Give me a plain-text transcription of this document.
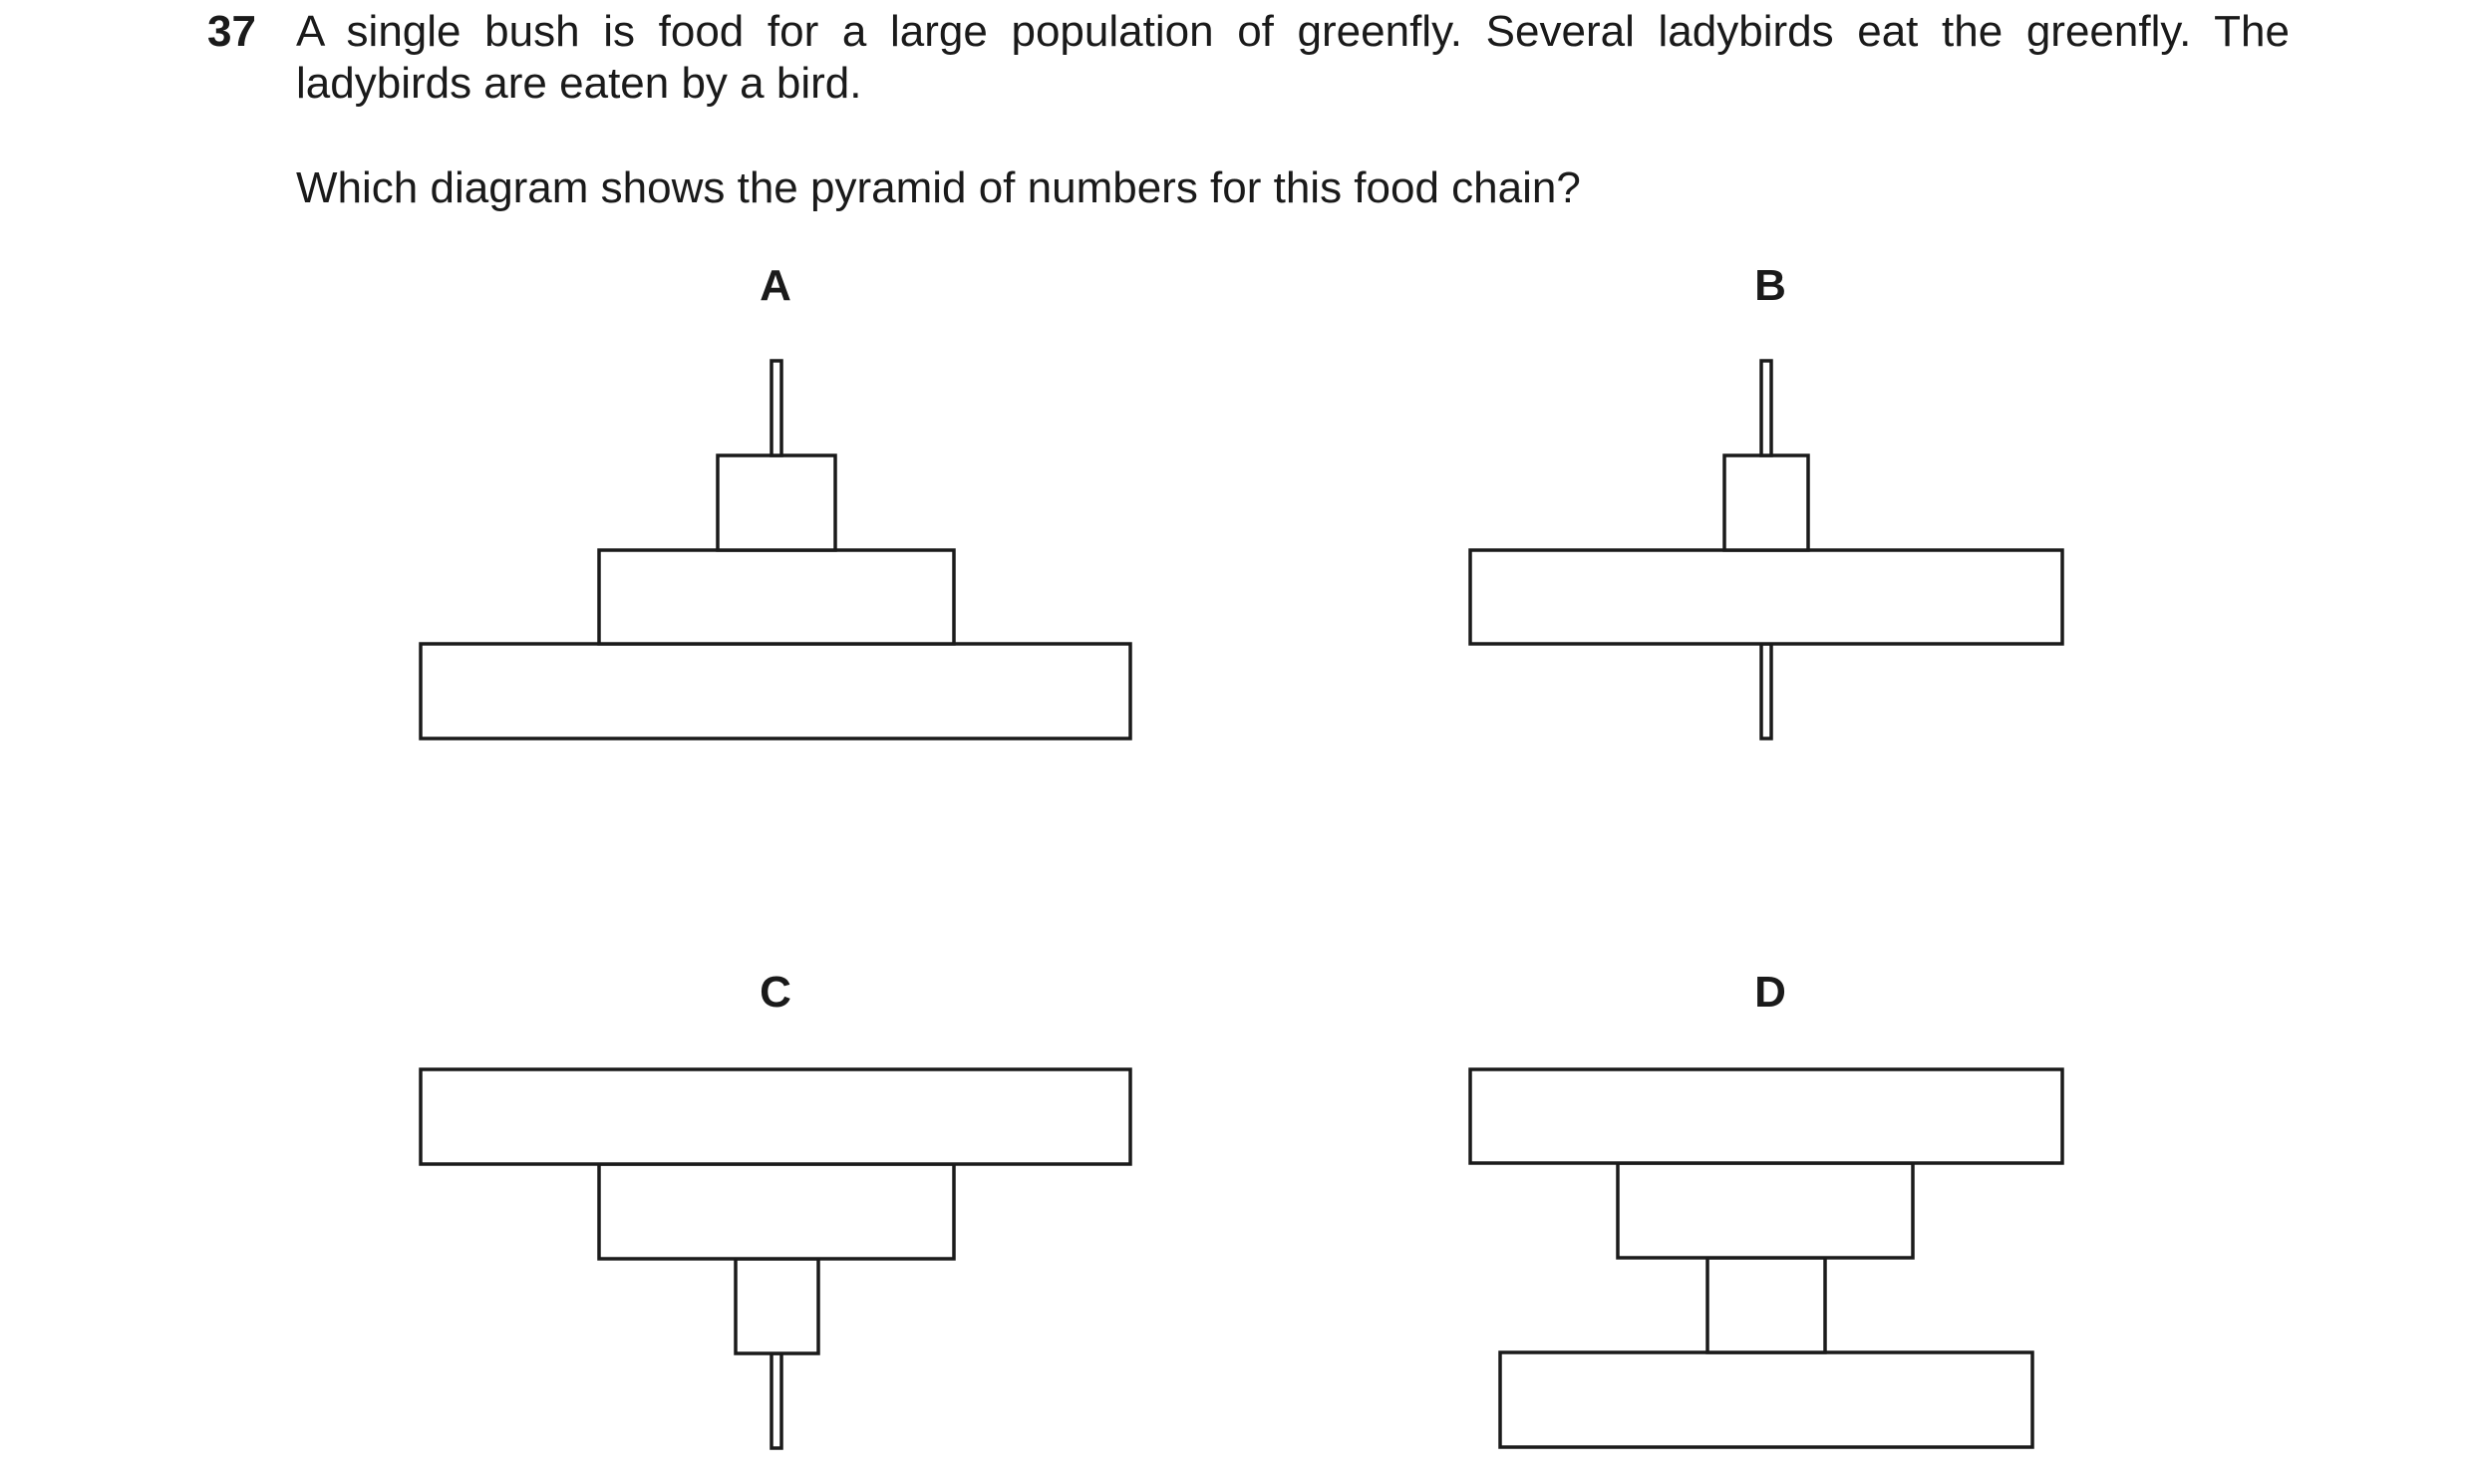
37 A single bush is food for a large population of greenfly. Several ladybirds eat the greenfly. The ladybirds are eaten by a bird.
Which diagram shows the pyramid of numbers for this food chain?
A	B
C	D
